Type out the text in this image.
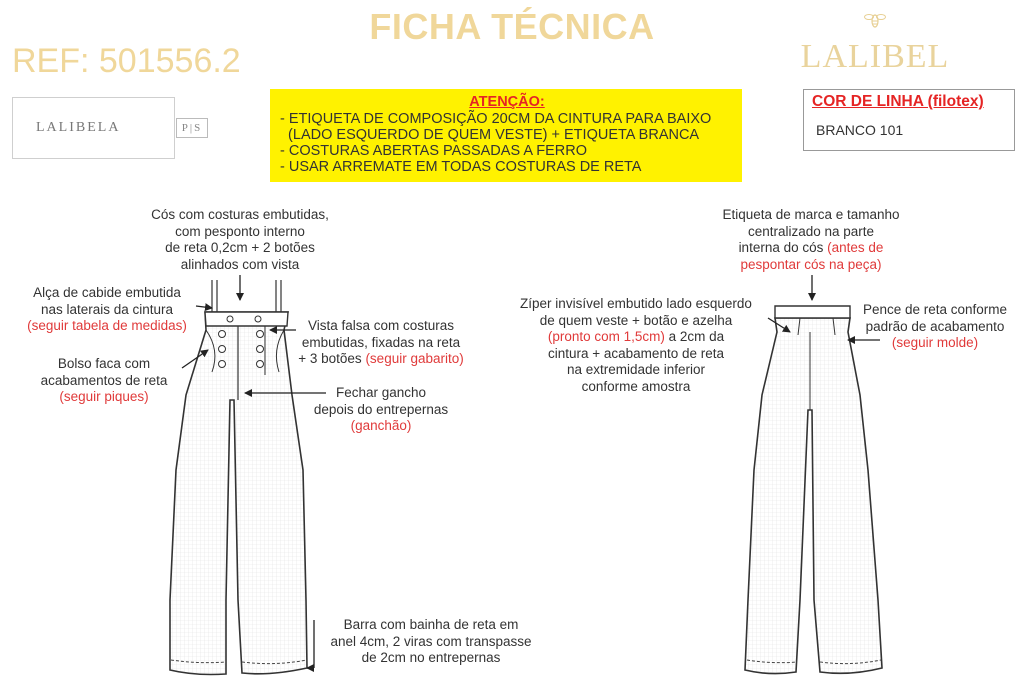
FICHA TÉCNICA
REF: 501556.2	LALIBEL
LALIBELA	P|S
ATENÇÃO:
- ETIQUETA DE COMPOSIÇÃO 20CM DA CINTURA PARA BAIXO
(LADO ESQUERDO DE QUEM VESTE) + ETIQUETA BRANCA
- COSTURAS ABERTAS PASSADAS A FERRO
- USAR ARREMATE EM TODAS COSTURAS DE RETA
COR DE LINHA (filotex)
BRANCO 101
Cós com costuras embutidas,
com pesponto interno
de reta 0,2cm + 2 botões
alinhados com vista
Alça de cabide embutida
nas laterais da cintura
(seguir tabela de medidas)
Bolso faca com
acabamentos de reta
(seguir piques)
Vista falsa com costuras
embutidas, fixadas na reta
+ 3 botões (seguir gabarito)
Fechar gancho
depois do entrepernas
(ganchão)
Barra com bainha de reta em
anel 4cm, 2 viras com transpasse
de 2cm no entrepernas
Etiqueta de marca e tamanho
centralizado na parte
interna do cós (antes de
pespontar cós na peça)
Zíper invisível embutido lado esquerdo
de quem veste + botão e azelha
(pronto com 1,5cm) a 2cm da
cintura + acabamento de reta
na extremidade inferior
conforme amostra
Pence de reta conforme
padrão de acabamento
(seguir molde)
